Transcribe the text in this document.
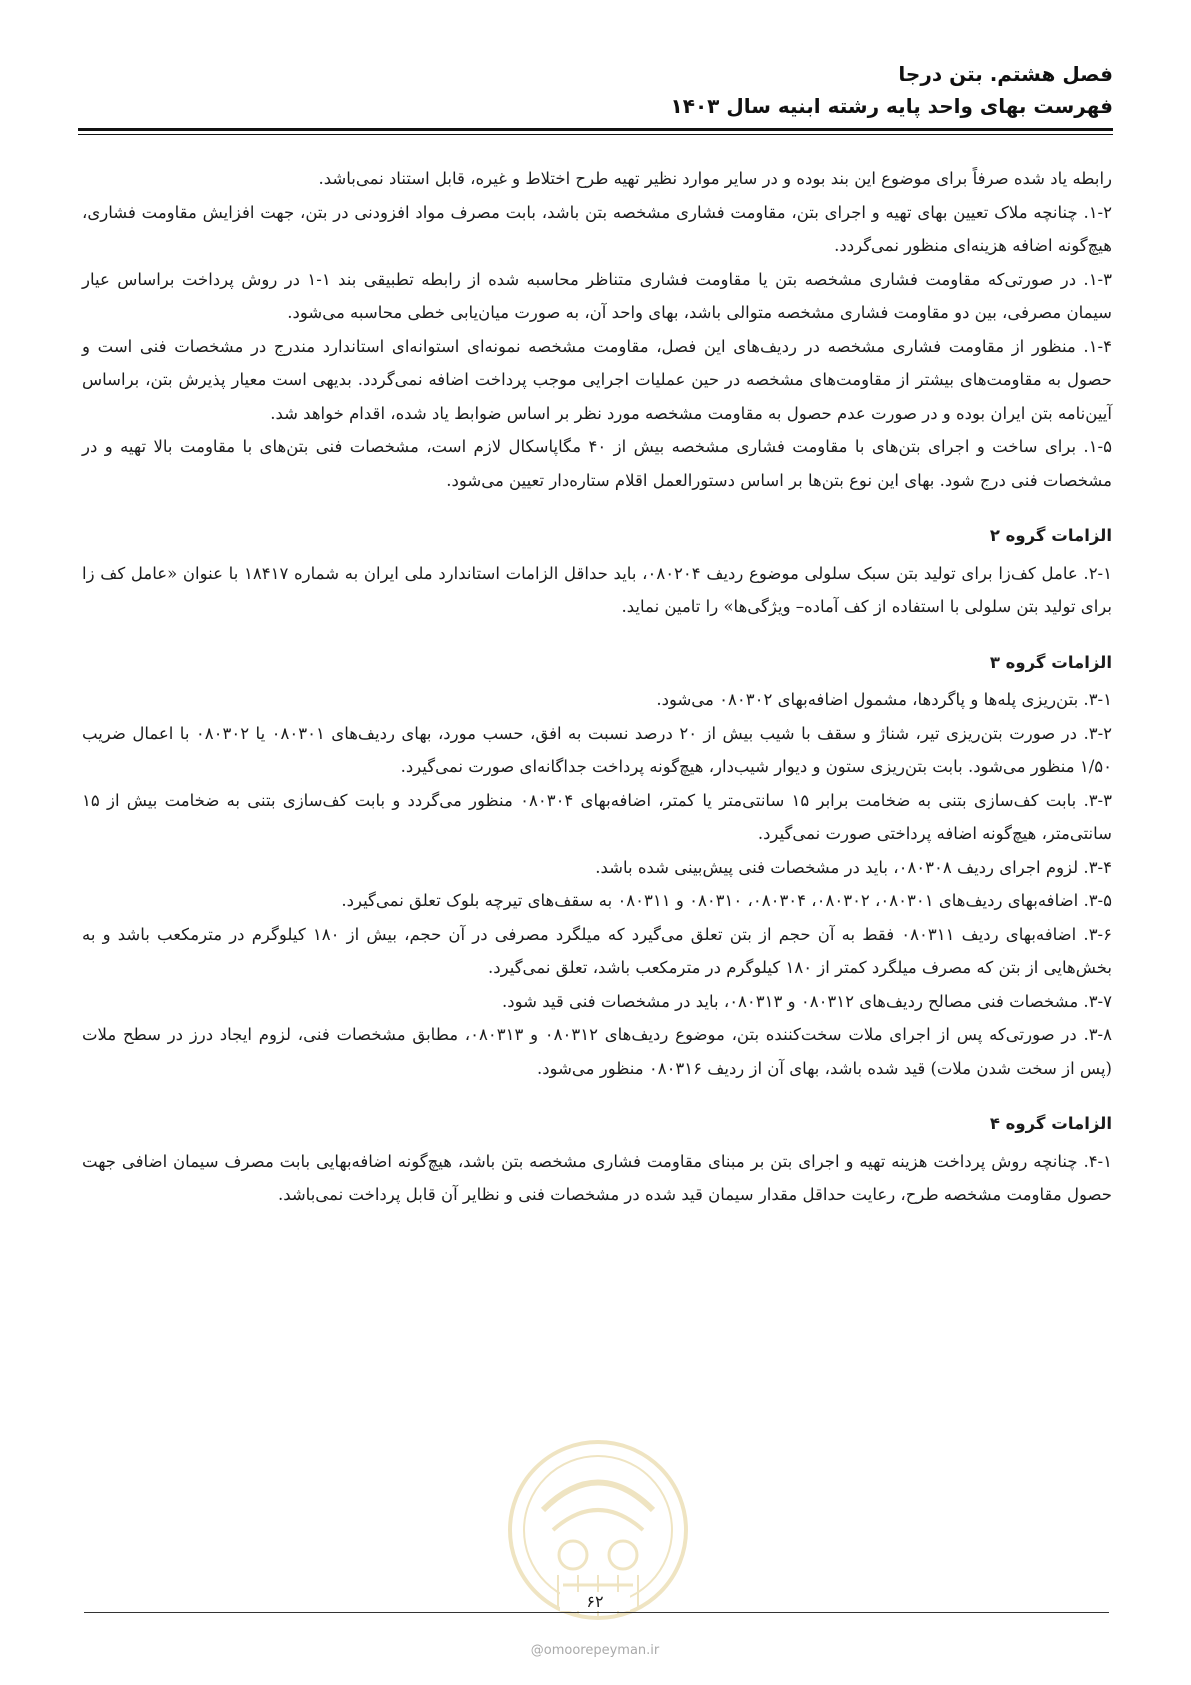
فصل هشتم. بتن درجا
فهرست بهای واحد پایه رشته ابنیه سال ۱۴۰۳

رابطه یاد شده صرفاً برای موضوع این بند بوده و در سایر موارد نظیر تهیه طرح اختلاط و غیره، قابل استناد نمی‌باشد.

۱-۲. چنانچه ملاک تعیین بهای تهیه و اجرای بتن، مقاومت فشاری مشخصه بتن باشد، بابت مصرف مواد افزودنی در بتن، جهت افزایش مقاومت فشاری، هیچ‌گونه اضافه هزینه‌ای منظور نمی‌گردد.

۱-۳. در صورتی‌که مقاومت فشاری مشخصه بتن یا مقاومت فشاری متناظر محاسبه شده از رابطه تطبیقی بند ۱-۱ در روش پرداخت براساس عیار سیمان مصرفی، بین دو مقاومت فشاری مشخصه متوالی باشد، بهای واحد آن، به صورت میان‌یابی خطی محاسبه می‌شود.

۱-۴. منظور از مقاومت فشاری مشخصه در ردیف‌های این فصل، مقاومت مشخصه نمونه‌ای استوانه‌ای استاندارد مندرج در مشخصات فنی است و حصول به مقاومت‌های بیشتر از مقاومت‌های مشخصه در حین عملیات اجرایی موجب پرداخت اضافه نمی‌گردد. بدیهی است معیار پذیرش بتن، براساس آیین‌نامه بتن ایران بوده و در صورت عدم حصول به مقاومت مشخصه مورد نظر بر اساس ضوابط یاد شده، اقدام خواهد شد.

۱-۵. برای ساخت و اجرای بتن‌های با مقاومت فشاری مشخصه بیش از ۴۰ مگاپاسکال لازم است، مشخصات فنی بتن‌های با مقاومت بالا تهیه و در مشخصات فنی درج شود. بهای این نوع بتن‌ها بر اساس دستورالعمل اقلام ستاره‌دار تعیین می‌شود.

الزامات گروه ۲

۲-۱. عامل کف‌زا برای تولید بتن سبک سلولی موضوع ردیف ۰۸۰۲۰۴، باید حداقل الزامات استاندارد ملی ایران به شماره ۱۸۴۱۷ با عنوان «عامل کف زا برای تولید بتن سلولی با استفاده از کف آماده– ویژگی‌ها» را تامین نماید.

الزامات گروه ۳

۳-۱. بتن‌ریزی پله‌ها و پاگردها، مشمول اضافه‌بهای ۰۸۰۳۰۲ می‌شود.

۳-۲. در صورت بتن‌ریزی تیر، شناژ و سقف با شیب بیش از ۲۰ درصد نسبت به افق، حسب مورد، بهای ردیف‌های ۰۸۰۳۰۱ یا ۰۸۰۳۰۲ با اعمال ضریب ۱/۵۰ منظور می‌شود. بابت بتن‌ریزی ستون و دیوار شیب‌دار، هیچ‌گونه پرداخت جداگانه‌ای صورت نمی‌گیرد.

۳-۳. بابت کف‌سازی بتنی به ضخامت برابر ۱۵ سانتی‌متر یا کمتر، اضافه‌بهای ۰۸۰۳۰۴ منظور می‌گردد و بابت کف‌سازی بتنی به ضخامت بیش از ۱۵ سانتی‌متر، هیچ‌گونه اضافه پرداختی صورت نمی‌گیرد.

۳-۴. لزوم اجرای ردیف ۰۸۰۳۰۸، باید در مشخصات فنی پیش‌بینی شده باشد.

۳-۵. اضافه‌بهای ردیف‌های ۰۸۰۳۰۱، ۰۸۰۳۰۲، ۰۸۰۳۰۴، ۰۸۰۳۱۰ و ۰۸۰۳۱۱ به سقف‌های تیرچه بلوک تعلق نمی‌گیرد.

۳-۶. اضافه‌بهای ردیف ۰۸۰۳۱۱ فقط به آن حجم از بتن تعلق می‌گیرد که میلگرد مصرفی در آن حجم، بیش از ۱۸۰ کیلوگرم در مترمکعب باشد و به بخش‌هایی از بتن که مصرف میلگرد کمتر از ۱۸۰ کیلوگرم در مترمکعب باشد، تعلق نمی‌گیرد.

۳-۷. مشخصات فنی مصالح ردیف‌های ۰۸۰۳۱۲ و ۰۸۰۳۱۳، باید در مشخصات فنی قید شود.

۳-۸. در صورتی‌که پس از اجرای ملات سخت‌کننده بتن، موضوع ردیف‌های ۰۸۰۳۱۲ و ۰۸۰۳۱۳، مطابق مشخصات فنی، لزوم ایجاد درز در سطح ملات (پس از سخت شدن ملات) قید شده باشد، بهای آن از ردیف ۰۸۰۳۱۶ منظور می‌شود.

الزامات گروه ۴

۴-۱. چنانچه روش پرداخت هزینه تهیه و اجرای بتن بر مبنای مقاومت فشاری مشخصه بتن باشد، هیچ‌گونه اضافه‌بهایی بابت مصرف سیمان اضافی جهت حصول مقاومت مشخصه طرح، رعایت حداقل مقدار سیمان قید شده در مشخصات فنی و نظایر آن قابل پرداخت نمی‌باشد.

۶۲
@omoorepeyman.ir
